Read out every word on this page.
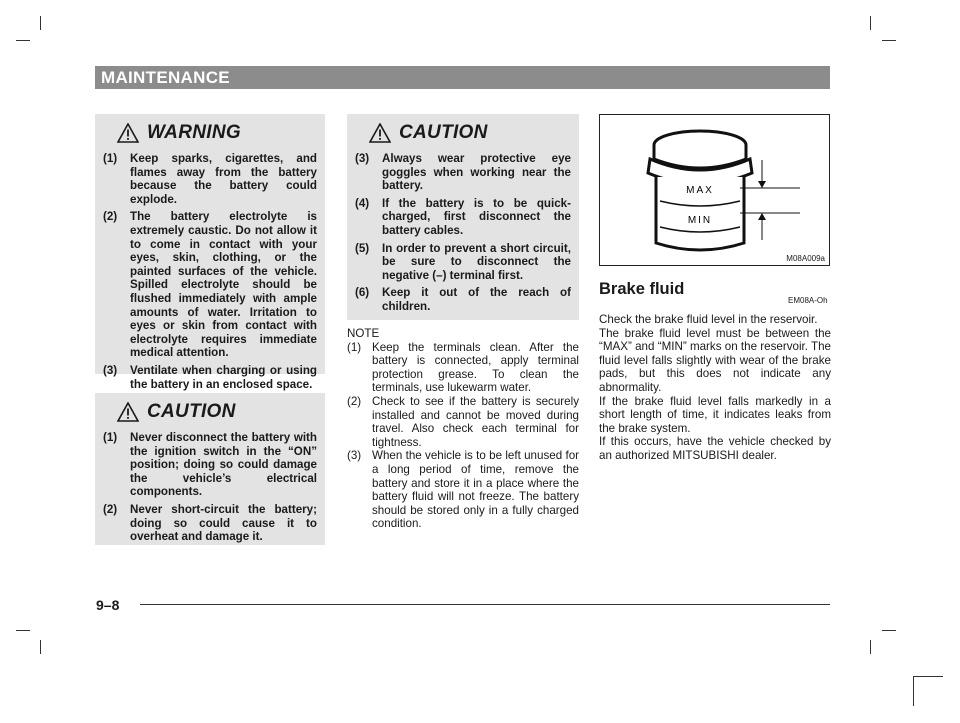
MAINTENANCE
WARNING
(1)	Keep sparks, cigarettes, and flames away from the battery because the battery could explode.
(2)	The battery electrolyte is extremely caustic. Do not allow it to come in contact with your eyes, skin, clothing, or the painted surfaces of the vehicle. Spilled electrolyte should be flushed immediately with ample amounts of water. Irritation to eyes or skin from contact with electrolyte requires immediate medical attention.
(3)	Ventilate when charging or using the battery in an enclosed space.
CAUTION
(1)	Never disconnect the battery with the ignition switch in the “ON” position; doing so could damage the vehicle’s electrical components.
(2)	Never short-circuit the battery; doing so could cause it to overheat and damage it.
CAUTION
(3)	Always wear protective eye goggles when working near the battery.
(4)	If the battery is to be quick-charged, first disconnect the battery cables.
(5)	In order to prevent a short circuit, be sure to disconnect the negative (–) terminal first.
(6)	Keep it out of the reach of children.
NOTE
(1) Keep the terminals clean. After the battery is connected, apply terminal protection grease. To clean the terminals, use lukewarm water.
(2) Check to see if the battery is securely installed and cannot be moved during travel. Also check each terminal for tightness.
(3) When the vehicle is to be left unused for a long period of time, remove the battery and store it in a place where the battery fluid will not freeze. The battery should be stored only in a fully charged condition.
MAX
MIN
M08A009a
Brake fluid
EM08A-Oh

Check the brake fluid level in the reservoir.

The brake fluid level must be between the “MAX” and “MIN” marks on the reservoir. The fluid level falls slightly with wear of the brake pads, but this does not indicate any abnormality.

If the brake fluid level falls markedly in a short length of time, it indicates leaks from the brake system.

If this occurs, have the vehicle checked by an authorized MITSUBISHI dealer.

9–8
